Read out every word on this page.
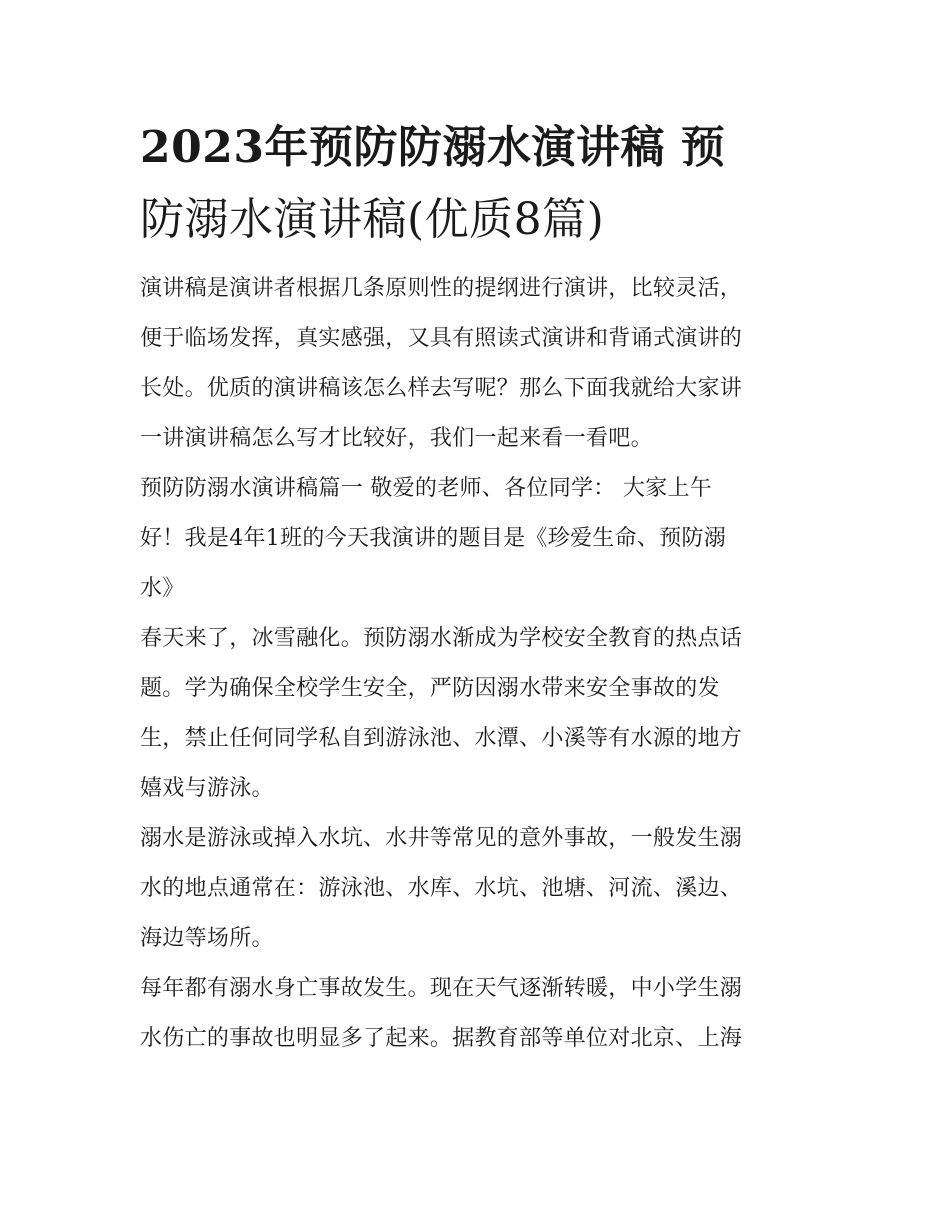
2023年预防防溺水演讲稿 预
防溺水演讲稿(优质8篇)
演讲稿是演讲者根据几条原则性的提纲进行演讲，比较灵活，
便于临场发挥，真实感强，又具有照读式演讲和背诵式演讲的
长处。优质的演讲稿该怎么样去写呢？那么下面我就给大家讲
一讲演讲稿怎么写才比较好，我们一起来看一看吧。
预防防溺水演讲稿篇一 敬爱的老师、各位同学： 大家上午
好！我是4年1班的今天我演讲的题目是《珍爱生命、预防溺
水》
春天来了，冰雪融化。预防溺水渐成为学校安全教育的热点话
题。学为确保全校学生安全，严防因溺水带来安全事故的发
生，禁止任何同学私自到游泳池、水潭、小溪等有水源的地方
嬉戏与游泳。
溺水是游泳或掉入水坑、水井等常见的意外事故，一般发生溺
水的地点通常在：游泳池、水库、水坑、池塘、河流、溪边、
海边等场所。
每年都有溺水身亡事故发生。现在天气逐渐转暖，中小学生溺
水伤亡的事故也明显多了起来。据教育部等单位对北京、上海
